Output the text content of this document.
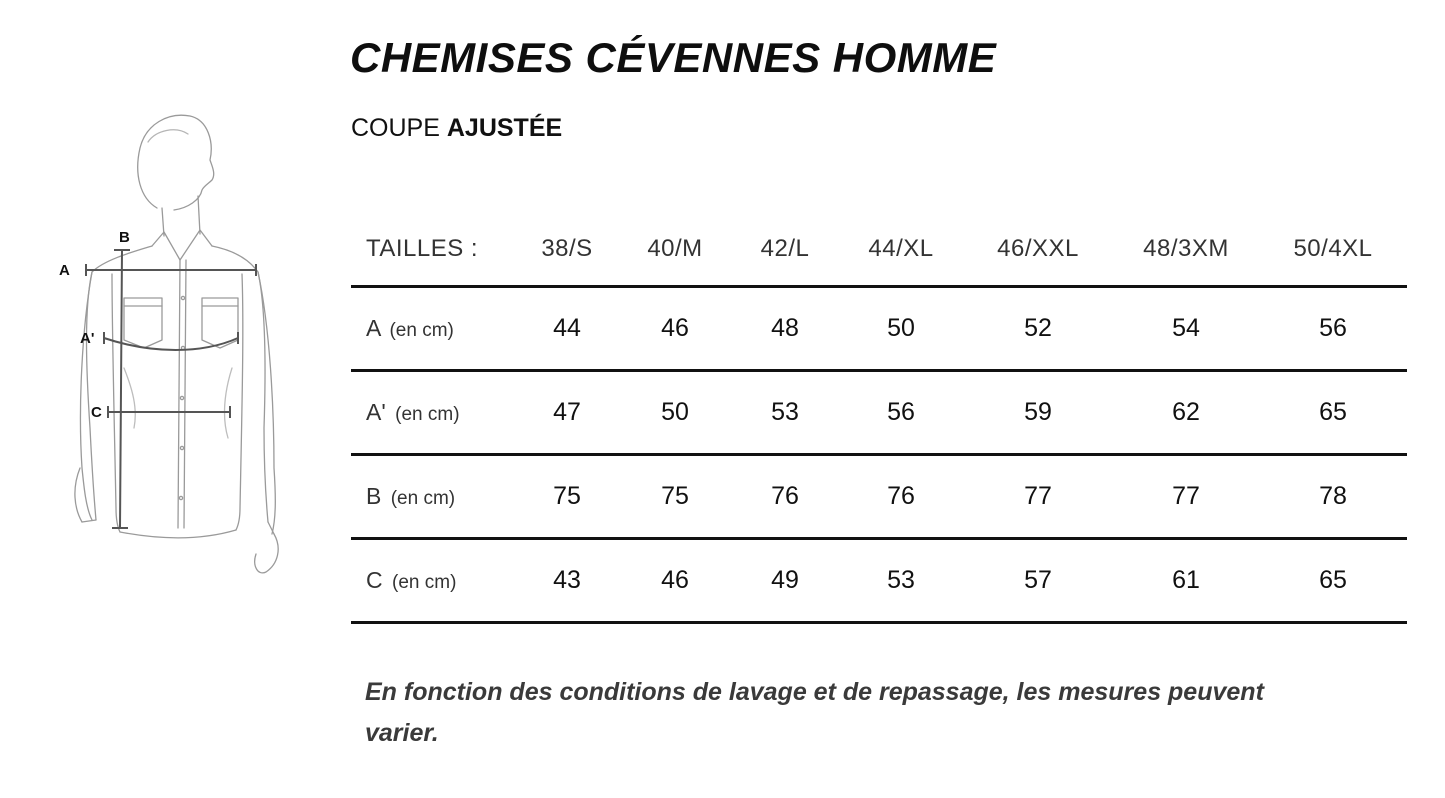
CHEMISES CÉVENNES HOMME
COUPE AJUSTÉE
A
B
A'
C
TAILLES :	38/S	40/M	42/L	44/XL	46/XXL	48/3XM	50/4XL
A (en cm)	44	46	48	50	52	54	56
A' (en cm)	47	50	53	56	59	62	65
B (en cm)	75	75	76	76	77	77	78
C (en cm)	43	46	49	53	57	61	65
En fonction des conditions de lavage et de repassage, les mesures peuvent varier.
